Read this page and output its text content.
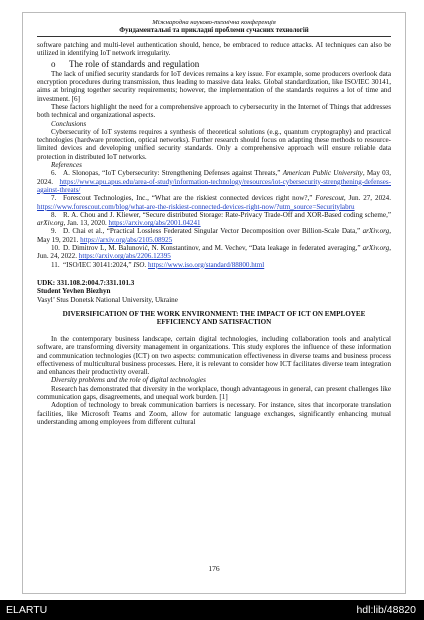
Міжнародна науково-технічна конференція
Фундаментальні та прикладні проблеми сучасних технологій

software patching and multi-level authentication should, hence, be embraced to reduce attacks. AI techniques can also be utilized in identifying IoT network irregularity.

o The role of standards and regulation

The lack of unified security standards for IoT devices remains a key issue. For example, some producers overlook data encryption procedures during transmission, thus leading to massive data leaks. Global standardization, like ISO/IEC 30141, aims at bringing together security requirements; however, the implementation of the standards requires a lot of time and investment. [6]

These factors highlight the need for a comprehensive approach to cybersecurity in the Internet of Things that addresses both technical and organizational aspects.

Conclusions

Cybersecurity of IoT systems requires a synthesis of theoretical solutions (e.g., quantum cryptography) and practical technologies (hardware protection, optical networks). Further research should focus on adapting these methods to resource-limited devices and developing unified security standards. Only a comprehensive approach will ensure reliable data protection in distributed IoT networks.

References

6. A. Slonopas, “IoT Cybersecurity: Strengthening Defenses against Threats,” American Public University, May 03, 2024. https://www.apu.apus.edu/area-of-study/information-technology/resources/iot-cybersecurity-strengthening-defenses-against-threats/

7. Forescout Technologies, Inc., “What are the riskiest connected devices right now?,” Forescout, Jun. 27, 2024. https://www.forescout.com/blog/what-are-the-riskiest-connected-devices-right-now/?utm_source=Securitylabru

8. R. A. Chou and J. Kliewer, “Secure distributed Storage: Rate-Privacy Trade-Off and XOR-Based coding scheme,” arXiv.org, Jan. 13, 2020. https://arxiv.org/abs/2001.04241

9. D. Chai et al., “Practical Lossless Federated Singular Vector Decomposition over Billion-Scale Data,” arXiv.org, May 19, 2021. https://arxiv.org/abs/2105.08925

10. D. Dimitrov L, M. Balunović, N. Konstantinov, and M. Vechev, “Data leakage in federated averaging,” arXiv.org, Jun. 24, 2022. https://arxiv.org/abs/2206.12395

11. “ISO/IEC 30141:2024,” ISO. https://www.iso.org/standard/88800.html

UDK: 331.108.2:004.7:331.101.3

Student Yevhen Biezhyn

Vasyl’ Stus Donetsk National University, Ukraine

DIVERSIFICATION OF THE WORK ENVIRONMENT: THE IMPACT OF ICT ON EMPLOYEE EFFICIENCY AND SATISFACTION

In the contemporary business landscape, certain digital technologies, including collaboration tools and analytical software, are transforming diversity management in organizations. This study explores the influence of these information and communication technologies (ICT) on two aspects: communication effectiveness in diverse teams and business process effectiveness of multicultural business processes. Here, it is relevant to consider how ICT facilitates diverse team integration and enhances their productivity overall.

Diversity problems and the role of digital technologies

Research has demonstrated that diversity in the workplace, though advantageous in general, can present challenges like communication gaps, disagreements, and unequal work burden. [1]

Adoption of technology to break communication barriers is necessary. For instance, sites that incorporate translation facilities, like Microsoft Teams and Zoom, allow for automatic language exchanges, significantly enhancing mutual understanding among employees from different cultural

176
ELARTU	hdl:lib/48820
